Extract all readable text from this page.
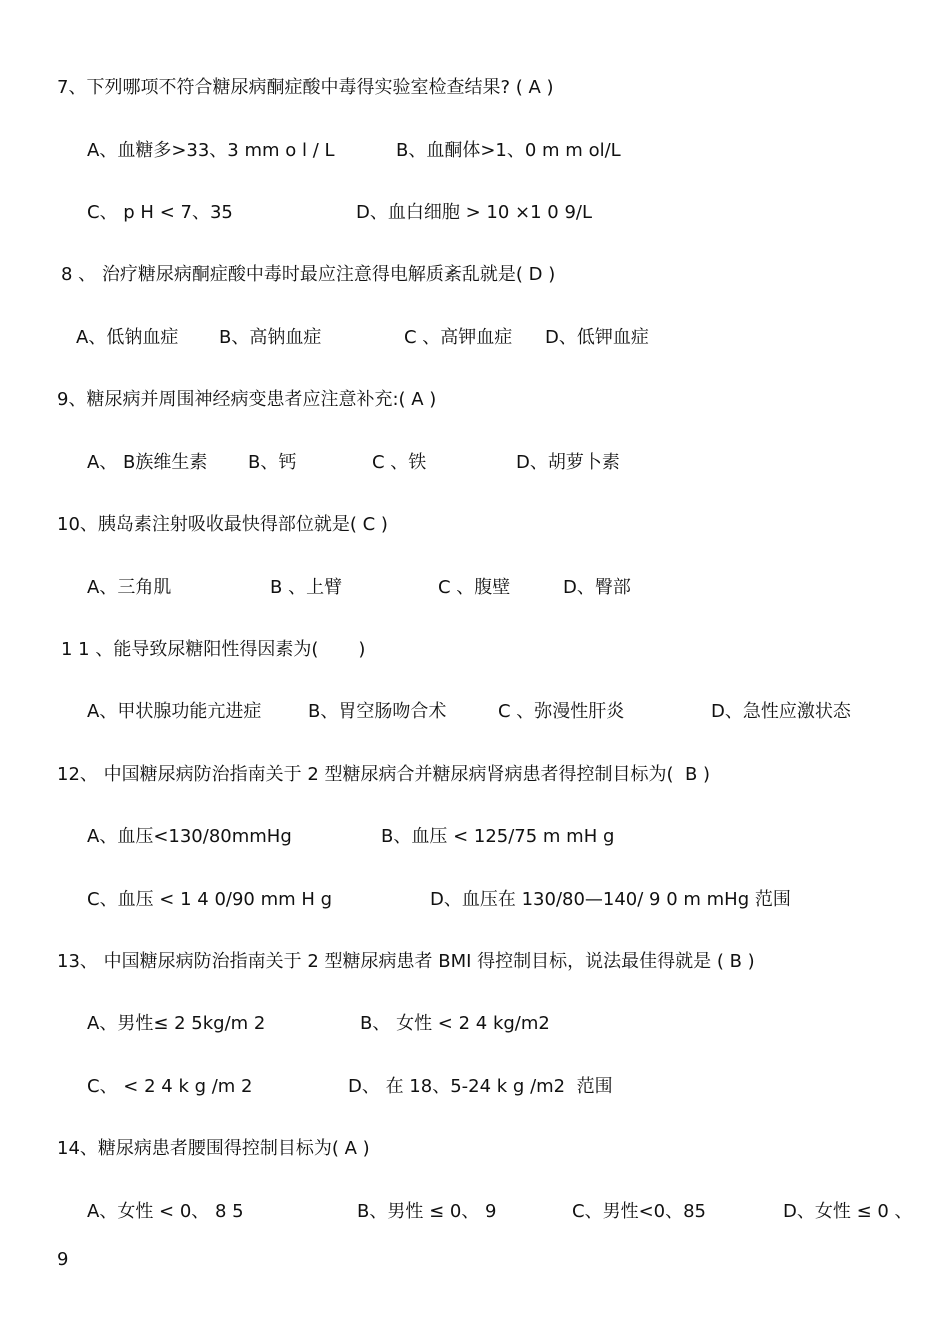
7、下列哪项不符合糖尿病酮症酸中毒得实验室检查结果? ( A )
A、血糖多>33、3 mm o l / L	B、血酮体>1、0 m m ol/L
C、 p H < 7、35	D、血白细胞 > 10 ×1 0 9/L
8 、 治疗糖尿病酮症酸中毒时最应注意得电解质紊乱就是( D )
A、低钠血症 B、高钠血症	C 、高钾血症 D、低钾血症
9、糖尿病并周围神经病变患者应注意补充:( A )
A、 B族维生素 B、钙	C 、铁	D、胡萝卜素
10、胰岛素注射吸收最快得部位就是( C )
A、三角肌	B 、上臂	C 、腹壁	D、臀部
1 1 、能导致尿糖阳性得因素为(       )
A、甲状腺功能亢进症	B、胃空肠吻合术	C 、弥漫性肝炎	D、急性应激状态
12、 中国糖尿病防治指南关于 2 型糖尿病合并糖尿病肾病患者得控制目标为(  B )
A、血压<130/80mmHg	B、血压 < 125/75 m mH g
C、血压 < 1 4 0/90 mm H g	D、血压在 130/80—140/ 9 0 m mHg 范围
13、 中国糖尿病防治指南关于 2 型糖尿病患者 BMI 得控制目标，说法最佳得就是 ( B )
A、男性≤ 2 5kg/m 2	B、 女性 < 2 4 kg/m2
C、 < 2 4 k g /m 2	D、 在 18、5-24 k g /m2  范围
14、糖尿病患者腰围得控制目标为( A )
A、女性 < 0、 8 5	B、男性 ≤ 0、 9	C、男性<0、85	D、女性 ≤ 0 、
9
